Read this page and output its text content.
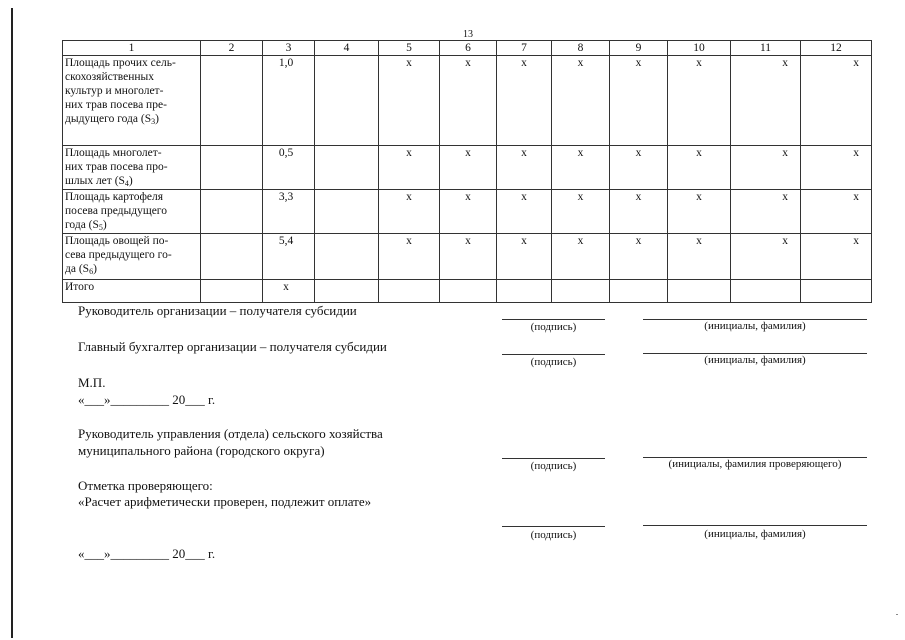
13
1	2	3	4	5	6	7	8	9	10	11	12

Площадь прочих сель-
скохозяйственных
культур и многолет-
них трав посева пре-
дыдущего года $(S_3)$		1,0		х	х	х	х	х	х	х	х

Площадь многолет-
них трав посева про-
шлых лет $(S_4)$		0,5		х	х	х	х	х	х	х	х

Площадь картофеля
посева предыдущего
года $(S_5)$		3,3		х	х	х	х	х	х	х	х

Площадь овощей по-
сева предыдущего го-
да $(S_6)$		5,4		х	х	х	х	х	х	х	х

Итого		х									
Руководитель организации – получателя субсидии
(подпись)	(инициалы, фамилия)
Главный бухгалтер организации – получателя субсидии
(подпись)	(инициалы, фамилия)
М.П.
«___»_________ 20___ г.
Руководитель управления (отдела) сельского хозяйства
муниципального района (городского округа)
(подпись)	(инициалы, фамилия проверяющего)
Отметка проверяющего:
«Расчет арифметически проверен, подлежит оплате»
(подпись)	(инициалы, фамилия)
«___»_________ 20___ г.
